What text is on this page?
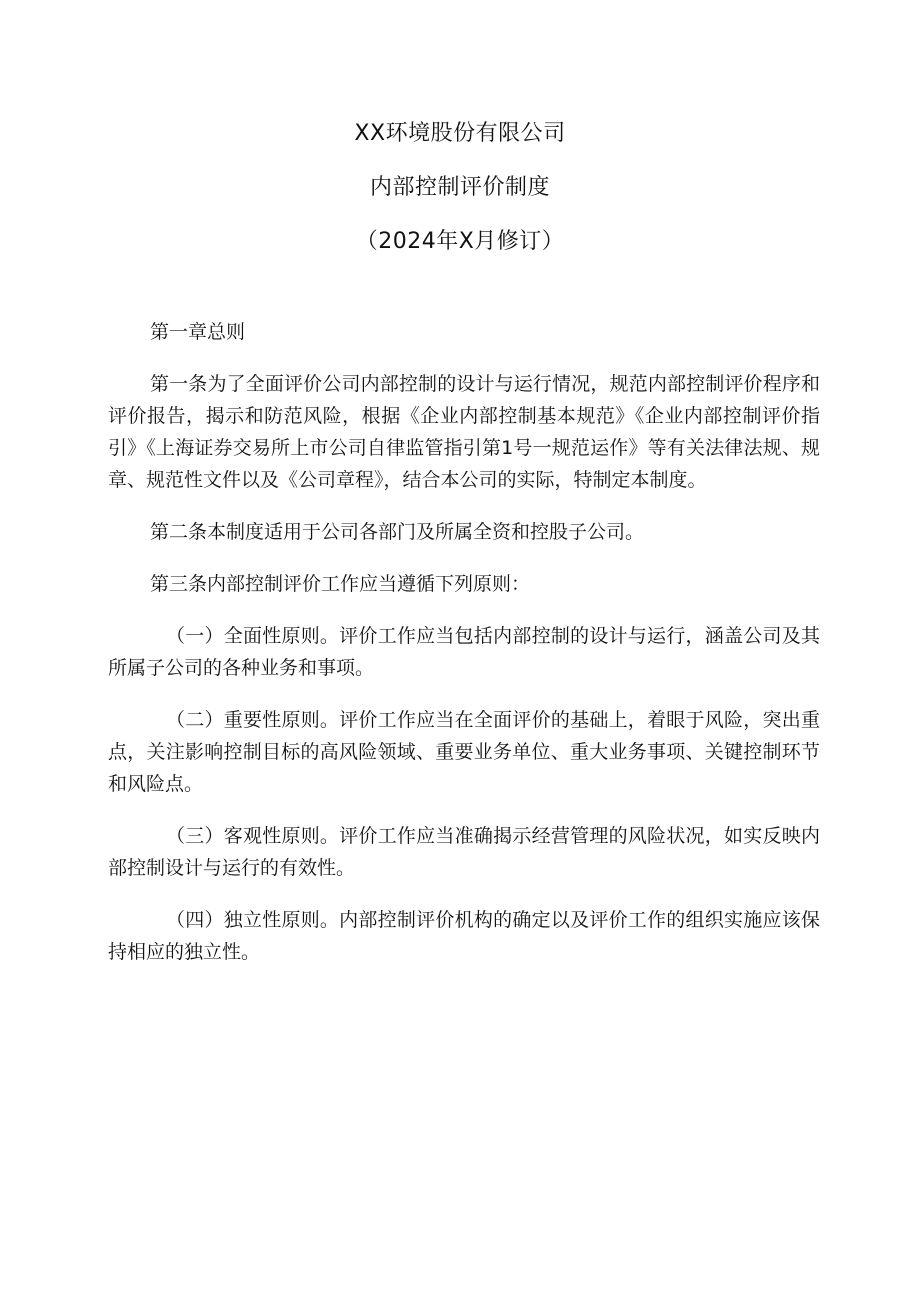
XX环境股份有限公司
内部控制评价制度
（2024年X月修订）

第一章总则

第一条为了全面评价公司内部控制的设计与运行情况，规范内部控制评价程序和评价报告，揭示和防范风险，根据《企业内部控制基本规范》《企业内部控制评价指引》《上海证券交易所上市公司自律监管指引第1号一规范运作》等有关法律法规、规章、规范性文件以及《公司章程》，结合本公司的实际，特制定本制度。

第二条本制度适用于公司各部门及所属全资和控股子公司。

第三条内部控制评价工作应当遵循下列原则：

（一）全面性原则。评价工作应当包括内部控制的设计与运行，涵盖公司及其所属子公司的各种业务和事项。

（二）重要性原则。评价工作应当在全面评价的基础上，着眼于风险，突出重点，关注影响控制目标的高风险领域、重要业务单位、重大业务事项、关键控制环节和风险点。

（三）客观性原则。评价工作应当准确揭示经营管理的风险状况，如实反映内部控制设计与运行的有效性。

（四）独立性原则。内部控制评价机构的确定以及评价工作的组织实施应该保持相应的独立性。
